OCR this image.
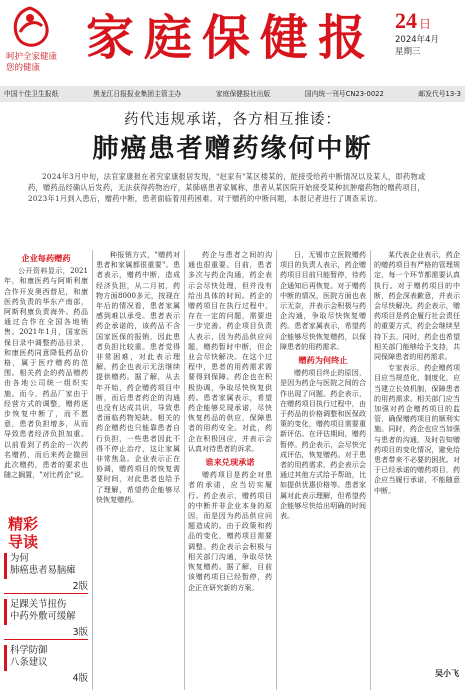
呵护全家健康
您的健康
家庭保健报 24 日
2024年4月
星期三
中国十佳卫生报纸	黑龙江日报报业集团主管主办	家庭保健报社出版	国内统一刊号CN23-0022	邮发代号13-3
药代违规承诺，各方相互推诿：
肺癌患者赠药缘何中断
2024年3月中旬，法官家康报在者究家康报居发现，"赵家有"某区楼某的，能接受给药中断情况以及某人，即药物或药，赠药品经确认后发药，无法获得药物治疗，某肺癌患者家属称，患者从某医院开始接受某种抗肿瘤药物的赠药项目，2023年1月到入患后，赠药中断，患者面临着用药困难。对于赠药的中断问题，本报记者进行了调查采访。
企业每药赠药

公开资料显示，2021年，和康医药与阿斯利康合作开发奥西替尼，和康医药负责的华东产南部，阿斯利康负责海外。药品通过合作在全国各地销售。2021年1月，国家医保目录中调整药品目录，和康医药同意降低药品价格，属于医疗赠药的范围。相关药企的药品赠药由各地公司统一组织实施。而今，药品厂家由于经营方式的调整，赠药逐步恢复中断了，而不愿意，患者负担增多，从而导致患者经济负担加重。以前看到了药企的一次药名赠药，而后来药企撤回此次赠药，患者的要求也随之搁置，"对比药企"说。

种报销方式，"赠药对患者和家属都很重要"。患者表示，赠药中断，造成经济负担，从二月初，药物方面8000多元，按现在年后的情况看，患者家属感到难以承受。患者表示药企承诺的，该药品不含国家医保的报销，因此患者负担比较重。患者觉得非常困难，对此表示理解。药企也表示无法继续提供赠药。据了解，从去年开始，药企赠药项目中断，而后患者药企的沟通也没有达成共识，导致患者面临药物短缺。相关的药企赠药也只能靠患者自行负担，一些患者因此不得不停止治疗，这让家属非常焦急。企业表示正在协调，赠药项目的恢复需要时间，对此患者也给予了理解，希望药企能够尽快恢复赠药。

药企与患者之间的沟通也很重要。目前，患者多次与药企沟通，药企表示会尽快处理，但并没有给出具体的时间。药企的赠药项目在执行过程中，存在一定的问题，需要进一步完善。药企项目负责人表示，因为药品供应问题，赠药暂时中断，但企业会尽快解决。在这个过程中，患者的用药需求需要得到保障。药企也在积极协调，争取尽快恢复供药。患者家属表示，希望药企能够兑现承诺，尽快恢复药品的供应，保障患者的用药安全。对此，药企在积极回应，并表示会认真对待患者的诉求。

谁来兑现承诺

赠药项目是药企对患者的承诺，应当切实履行。药企表示，赠药项目的中断并非企业本身的原因，而是因为药品供应问题造成的。由于政策和药品的变化，赠药项目需要调整。药企表示会积极与相关部门沟通，争取尽快恢复赠药。据了解，目前该赠药项目已经暂停，药企正在研究新的方案。

日，无锡市立医院赠药项目的负责人表示，药企赠药项目目前只能暂停，待药企通知后再恢复。对于赠药中断的情况，医院方面也表示无奈，并表示会积极与药企沟通，争取尽快恢复赠药。患者家属表示，希望药企能够尽快恢复赠药，以保障患者的用药需求。

赠药为何终止

赠药项目终止的原因，是因为药企与医院之间的合作出现了问题。药企表示，在赠药项目执行过程中，由于药品的价格调整和医保政策的变化，赠药项目需要重新评估。在评估期间，赠药暂停。药企表示，会尽快完成评估，恢复赠药。对于患者的用药需求，药企表示会通过其他方式给予帮助，比如提供优惠价格等。患者家属对此表示理解，但希望药企能够尽快给出明确的时间表。

某代表企业表示，药企的赠药项目有严格的管理规定，每一个环节都需要认真执行。对于赠药项目的中断，药企深表歉意，并表示会尽快解决。药企表示，赠药项目是药企履行社会责任的重要方式，药企会继续坚持下去。同时，药企也希望相关部门能够给予支持，共同保障患者的用药需求。

专家表示，药企赠药项目应当规范化、制度化，应当建立长效机制，保障患者的用药需求。相关部门应当加强对药企赠药项目的监管，确保赠药项目的顺利实施。同时，药企也应当加强与患者的沟通，及时告知赠药项目的变化情况，避免给患者带来不必要的困扰。对于已经承诺的赠药项目，药企应当履行承诺，不能随意中断。

精彩
导读
为何
肺癌患者易脑瘫
2版
足踝关节扭伤
中药外敷可缓解
3版
科学防御
八条建议
4版	吴小飞
